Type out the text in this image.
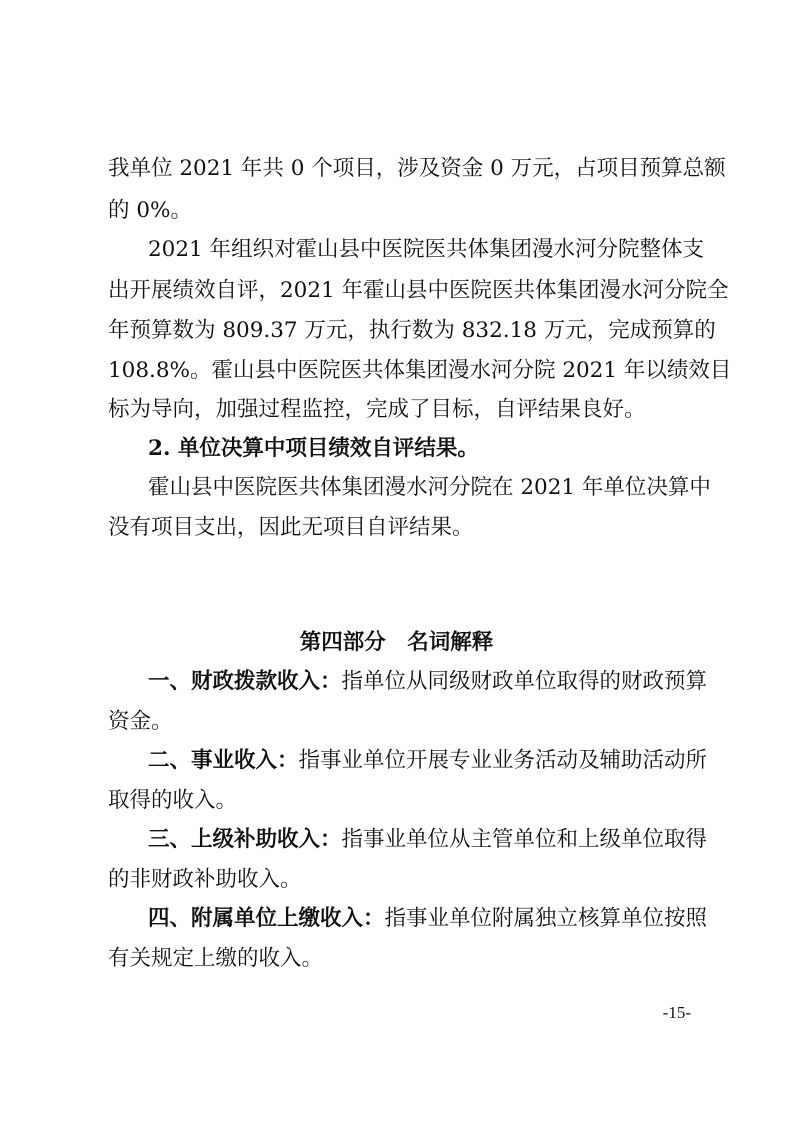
我单位 2021 年共 0 个项目，涉及资金 0 万元，占项目预算总额
的 0%。
2021 年组织对霍山县中医院医共体集团漫水河分院整体支
出开展绩效自评，2021 年霍山县中医院医共体集团漫水河分院全
年预算数为 809.37 万元，执行数为 832.18 万元，完成预算的
108.8%。霍山县中医院医共体集团漫水河分院 2021 年以绩效目
标为导向，加强过程监控，完成了目标，自评结果良好。
2. 单位决算中项目绩效自评结果。
霍山县中医院医共体集团漫水河分院在 2021 年单位决算中
没有项目支出，因此无项目自评结果。
第四部分　名词解释
一、财政拨款收入：指单位从同级财政单位取得的财政预算
资金。
二、事业收入：指事业单位开展专业业务活动及辅助活动所
取得的收入。
三、上级补助收入：指事业单位从主管单位和上级单位取得
的非财政补助收入。
四、附属单位上缴收入：指事业单位附属独立核算单位按照
有关规定上缴的收入。
-15-
